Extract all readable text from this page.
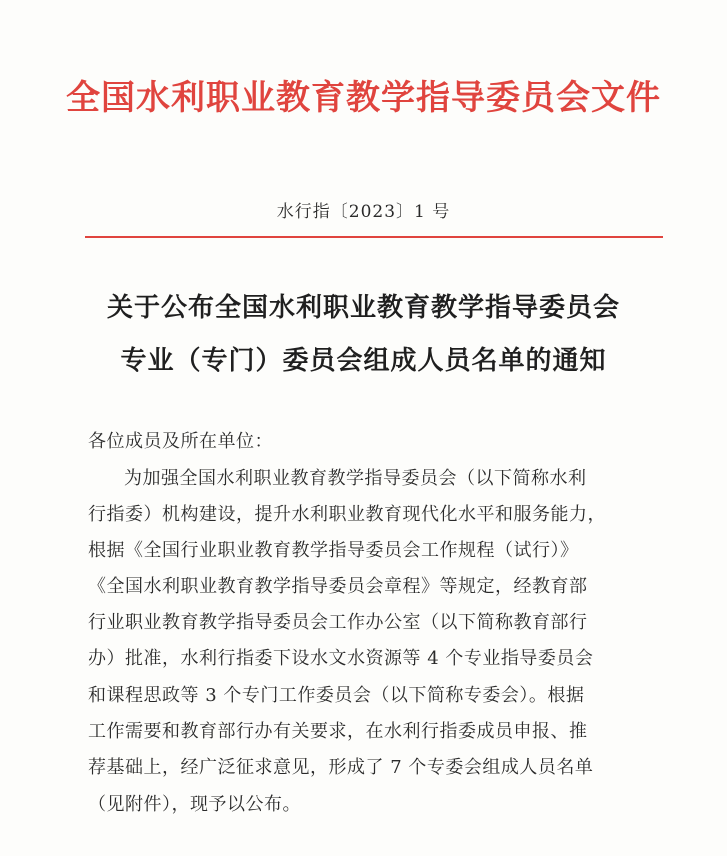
全国水利职业教育教学指导委员会文件
水行指〔2023〕1 号
关于公布全国水利职业教育教学指导委员会
专业（专门）委员会组成人员名单的通知
各位成员及所在单位：
为加强全国水利职业教育教学指导委员会（以下简称水利
行指委）机构建设，提升水利职业教育现代化水平和服务能力，
根据《全国行业职业教育教学指导委员会工作规程（试行）》
《全国水利职业教育教学指导委员会章程》等规定，经教育部
行业职业教育教学指导委员会工作办公室（以下简称教育部行
办）批准，水利行指委下设水文水资源等 4 个专业指导委员会
和课程思政等 3 个专门工作委员会（以下简称专委会）。根据
工作需要和教育部行办有关要求，在水利行指委成员申报、推
荐基础上，经广泛征求意见，形成了 7 个专委会组成人员名单
（见附件），现予以公布。
